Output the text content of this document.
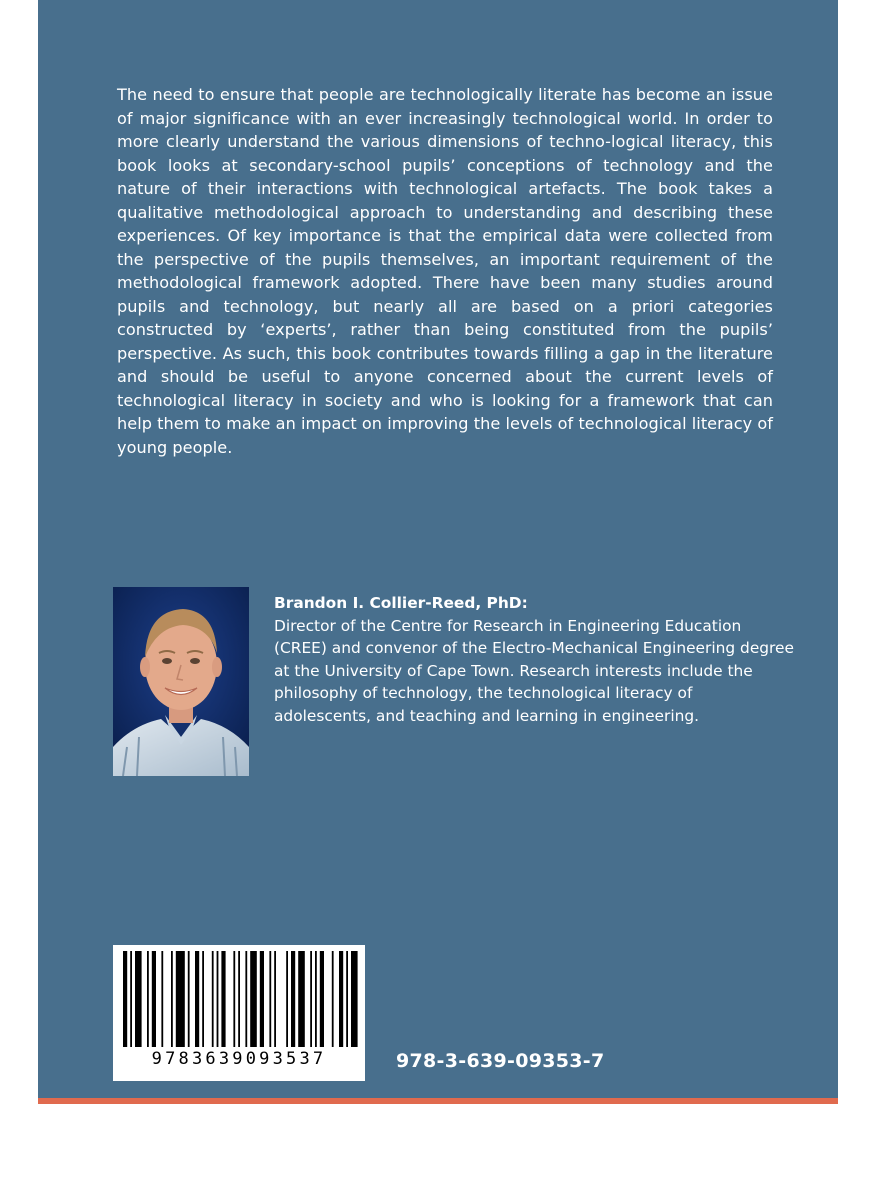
The need to ensure that people are technologically literate has become an issue of major significance with an ever increasingly technological world. In order to more clearly understand the various dimensions of techno-logical literacy, this book looks at secondary-school pupils’ conceptions of technology and the nature of their interactions with technological artefacts. The book takes a qualitative methodological approach to understanding and describing these experiences. Of key importance is that the empirical data were collected from the perspective of the pupils themselves, an important requirement of the methodological framework adopted. There have been many studies around pupils and technology, but nearly all are based on a priori categories constructed by ‘experts’, rather than being constituted from the pupils’ perspective. As such, this book contributes towards filling a gap in the literature and should be useful to anyone concerned about the current levels of technological literacy in society and who is looking for a framework that can help them to make an impact on improving the levels of technological literacy of young people.

Brandon I. Collier-Reed, PhD:
Director of the Centre for Research in Engineering Education (CREE) and convenor of the Electro-Mechanical Engineering degree at the University of Cape Town. Research interests include the philosophy of technology, the technological literacy of adolescents, and teaching and learning in engineering.
9783639093537	978-3-639-09353-7
